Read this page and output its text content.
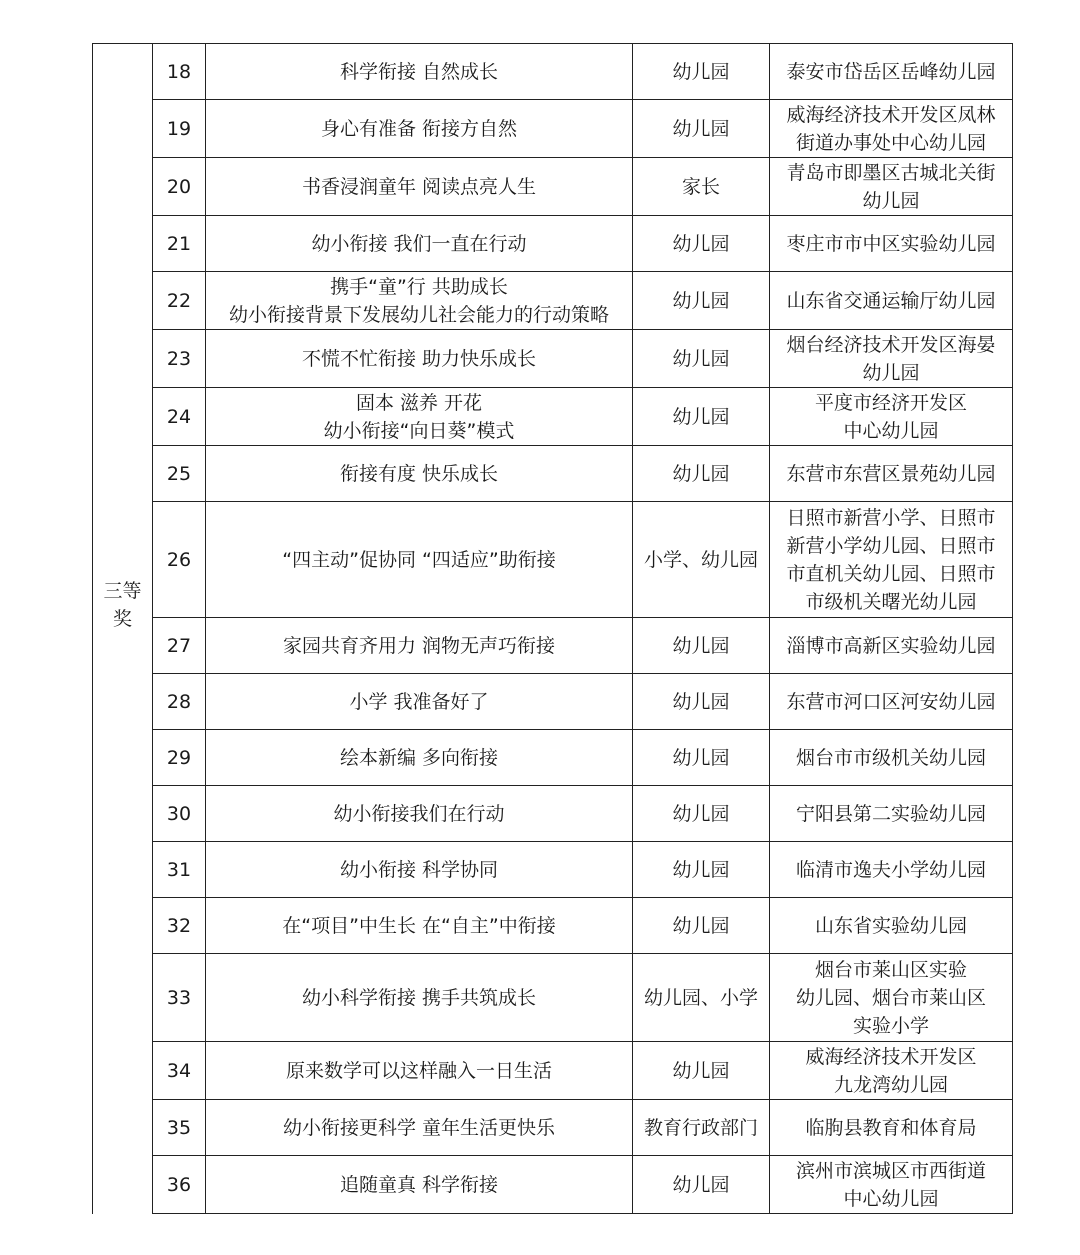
三等
奖	18	科学衔接 自然成长	幼儿园	泰安市岱岳区岳峰幼儿园

	19	身心有准备 衔接方自然	幼儿园	威海经济技术开发区凤林
街道办事处中心幼儿园

	20	书香浸润童年 阅读点亮人生	家长	青岛市即墨区古城北关街
幼儿园

	21	幼小衔接 我们一直在行动	幼儿园	枣庄市市中区实验幼儿园

	22	携手“童”行 共助成长
幼小衔接背景下发展幼儿社会能力的行动策略	幼儿园	山东省交通运输厅幼儿园

	23	不慌不忙衔接 助力快乐成长	幼儿园	烟台经济技术开发区海晏
幼儿园

	24	固本 滋养 开花
幼小衔接“向日葵”模式	幼儿园	平度市经济开发区
中心幼儿园

	25	衔接有度 快乐成长	幼儿园	东营市东营区景苑幼儿园

	26	“四主动”促协同 “四适应”助衔接	小学、幼儿园	日照市新营小学、日照市
新营小学幼儿园、日照市
市直机关幼儿园、日照市
市级机关曙光幼儿园

	27	家园共育齐用力 润物无声巧衔接	幼儿园	淄博市高新区实验幼儿园

	28	小学 我准备好了	幼儿园	东营市河口区河安幼儿园

	29	绘本新编 多向衔接	幼儿园	烟台市市级机关幼儿园

	30	幼小衔接我们在行动	幼儿园	宁阳县第二实验幼儿园

	31	幼小衔接 科学协同	幼儿园	临清市逸夫小学幼儿园

	32	在“项目”中生长 在“自主”中衔接	幼儿园	山东省实验幼儿园

	33	幼小科学衔接 携手共筑成长	幼儿园、小学	烟台市莱山区实验
幼儿园、烟台市莱山区
实验小学

	34	原来数学可以这样融入一日生活	幼儿园	威海经济技术开发区
九龙湾幼儿园

	35	幼小衔接更科学 童年生活更快乐	教育行政部门	临朐县教育和体育局

	36	追随童真 科学衔接	幼儿园	滨州市滨城区市西街道
中心幼儿园
